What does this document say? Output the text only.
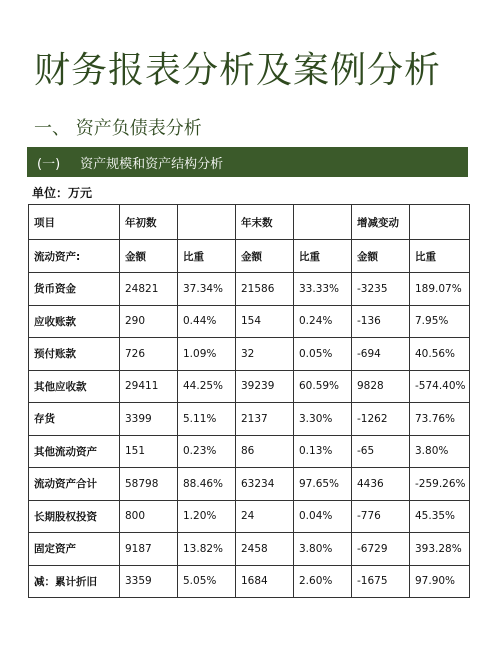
财务报表分析及案例分析
一、 资产负债表分析
(一) 资产规模和资产结构分析
单位：万元
项目	年初数		年末数		增减变动	
流动资产:	金额	比重	金额	比重	金额	比重
货币资金	24821	37.34%	21586	33.33%	-3235	189.07%
应收账款	290	0.44%	154	0.24%	-136	7.95%
预付账款	726	1.09%	32	0.05%	-694	40.56%
其他应收款	29411	44.25%	39239	60.59%	9828	-574.40%
存货	3399	5.11%	2137	3.30%	-1262	73.76%
其他流动资产	151	0.23%	86	0.13%	-65	3.80%
流动资产合计	58798	88.46%	63234	97.65%	4436	-259.26%
长期股权投资	800	1.20%	24	0.04%	-776	45.35%
固定资产	9187	13.82%	2458	3.80%	-6729	393.28%
减：累计折旧	3359	5.05%	1684	2.60%	-1675	97.90%
